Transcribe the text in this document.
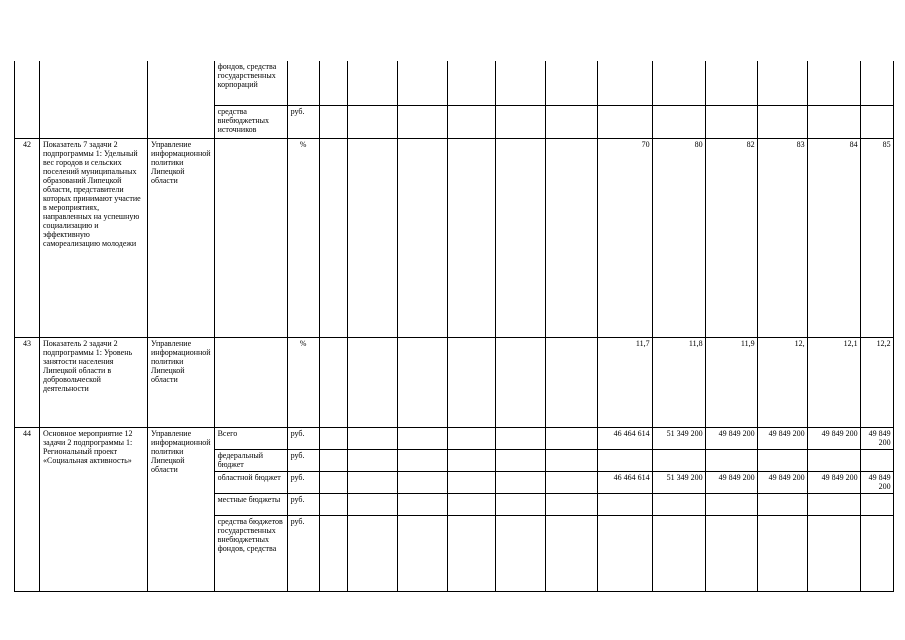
			фондов, средства государственных корпораций													
			средства внебюджетных источников	руб.												
42	Показатель 7 задачи 2 подпрограммы 1: Удельный вес городов и сельских поселений муниципальных образований Липецкой области, представители которых принимают участие в мероприятиях, направленных на успешную социализацию и эффективную самореализацию молодежи	Управление информационной политики Липецкой области		%							70	80	82	83	84	85
43	Показатель 2 задачи 2 подпрограммы 1: Уровень занятости населения Липецкой области в добровольческой деятельности	Управление информационной политики Липецкой области		%							11,7	11,8	11,9	12,	12,1	12,2
44	Основное мероприятие 12 задачи 2 подпрограммы 1: Региональный проект «Социальная активность»	Управление информационной политики Липецкой области	Всего	руб.							46 464 614	51 349 200	49 849 200	49 849 200	49 849 200	49 849 200
			федеральный бюджет	руб.												
			областной бюджет	руб.							46 464 614	51 349 200	49 849 200	49 849 200	49 849 200	49 849 200
			местные бюджеты	руб.												
			средства бюджетов государственных внебюджетных фондов, средства	руб.												
